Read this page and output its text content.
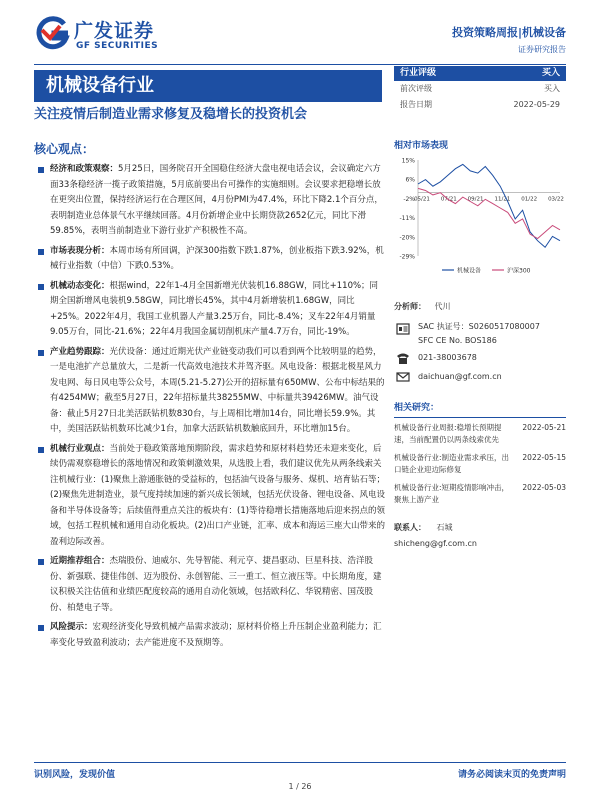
广发证券
GF SECURITIES
投资策略周报|机械设备
证券研究报告
机械设备行业
关注疫情后制造业需求修复及稳增长的投资机会
核心观点：
行业评级	买入
前次评级	买入
报告日期	2022-05-29
相对市场表现
15%
6%
-2%
-11%
-20%
-29%
05/21 07/21 09/21 11/21 01/22 03/22
机械设备	沪深300
分析师： 代川
SAC 执证号：S0260517080007
SFC CE No. BOS186
021-38003678
daichuan@gf.com.cn
相关研究：
机械设备行业周报:稳增长预期提速，当前配置仍以两条线索优先
2022-05-21
机械设备行业:制造业需求承压，出口链企业迎边际修复
2022-05-15
机械设备行业:短期疫情影响冲击，聚焦上游产业
2022-05-03
联系人： 石城
shicheng@gf.com.cn
经济和政策观察：5月25日，国务院召开全国稳住经济大盘电视电话会议，会议确定六方面33条稳经济一揽子政策措施，5月底前要出台可操作的实施细则。会议要求把稳增长放在更突出位置，保持经济运行在合理区间，4月份PMI为47.4%，环比下降2.1个百分点，表明制造业总体景气水平继续回落。4月份新增企业中长期贷款2652亿元，同比下滑59.85%，表明当前制造业下游行业扩产积极性不高。
市场表现分析：本周市场有所回调，沪深300指数下跌1.87%，创业板指下跌3.92%，机械行业指数（中信）下跌0.53%。
机械动态变化：根据wind，22年1-4月全国新增光伏装机16.88GW，同比+110%；同期全国新增风电装机9.58GW，同比增长45%，其中4月新增装机1.68GW，同比+25%。2022年4月，我国工业机器人产量3.25万台，同比-8.4%；叉车22年4月销量9.05万台，同比-21.6%；22年4月我国金属切削机床产量4.7万台，同比-19%。
产业趋势跟踪：光伏设备：通过近期光伏产业链变动我们可以看到两个比较明显的趋势，一是电池扩产总量放大，二是新一代高效电池技术并驾齐驱。风电设备：根据北极星风力发电网、每日风电等公众号，本周(5.21-5.27)公开的招标量有650MW、公布中标结果的有4254MW；截至5月27日，22年招标量共38255MW、中标量共39426MW。油气设备：截止5月27日北美活跃钻机数830台，与上周相比增加14台，同比增长59.9%。其中，美国活跃钻机数环比减少1台，加拿大活跃钻机数触底回升，环比增加15台。
机械行业观点：当前处于稳政策落地预期阶段，需求趋势和原材料趋势还未迎来变化，后续仍需观察稳增长的落地情况和政策刺激效果，从选股上看，我们建议优先从两条线索关注机械行业：(1)聚焦上游通胀链的受益标的，包括油气设备与服务、煤机、培育钻石等；(2)聚焦先进制造业，景气度持续加速的新兴成长领域，包括光伏设备、锂电设备、风电设备和半导体设备等；后续值得重点关注的板块有：(1)等待稳增长措施落地后迎来拐点的领域，包括工程机械和通用自动化板块。(2)出口产业链，汇率、成本和海运三座大山带来的盈利边际改善。
近期推荐组合：杰瑞股份、迪威尔、先导智能、利元亨、捷昌驱动、巨星科技、浩洋股份、新强联、捷佳伟创、迈为股份、永创智能、三一重工、恒立液压等。中长期角度，建议积极关注估值和业绩匹配度较高的通用自动化领域，包括欧科亿、华锐精密、国茂股份、柏楚电子等。
风险提示：宏观经济变化导致机械产品需求波动；原材料价格上升压制企业盈利能力；汇率变化导致盈利波动；去产能进度不及预期等。
识别风险，发现价值	请务必阅读末页的免责声明
1 / 26
